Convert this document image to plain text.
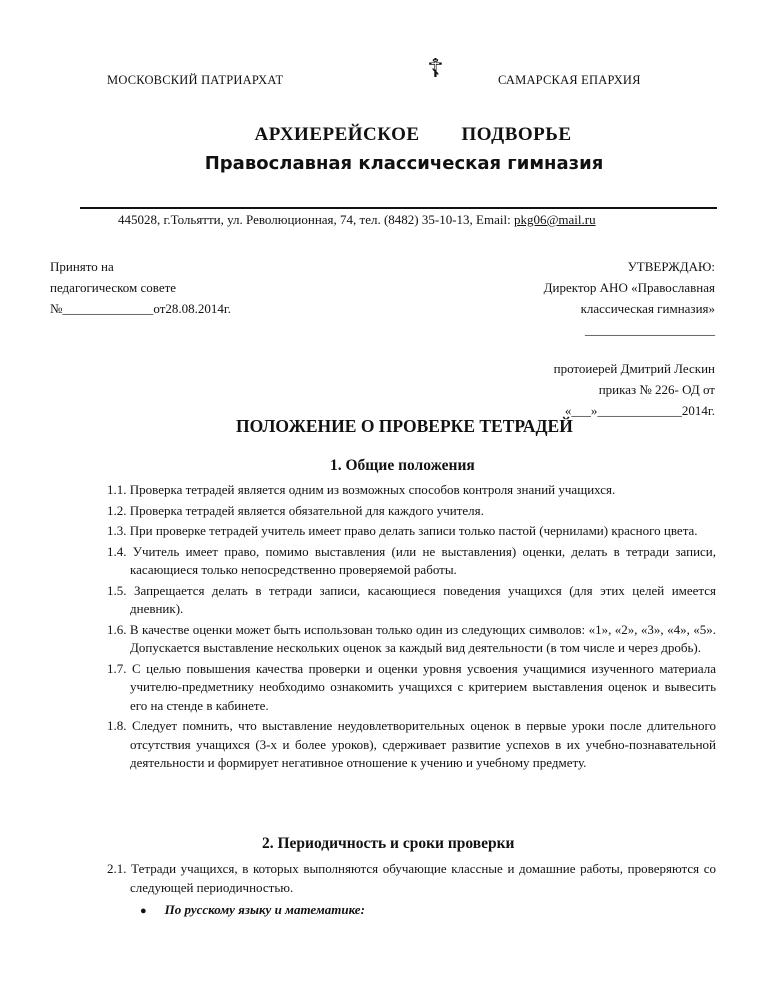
МОСКОВСКИЙ ПАТРИАРХАТ	☦	САМАРСКАЯ ЕПАРХИЯ
АРХИЕРЕЙСКОЕ        ПОДВОРЬЕ
Православная классическая гимназия
445028, г.Тольятти, ул. Революционная, 74, тел. (8482) 35-10-13, Email: pkg06@mail.ru
Принято на
педагогическом совете
№______________от28.08.2014г.
УТВЕРЖДАЮ:
Директор АНО «Православная
классическая гимназия»
____________________
протоиерей Дмитрий Лескин
приказ № 226- ОД от
«___»_____________2014г.
ПОЛОЖЕНИЕ О ПРОВЕРКЕ ТЕТРАДЕЙ
1. Общие положения
1.1. Проверка тетрадей является одним из возможных способов контроля знаний учащихся.
1.2. Проверка тетрадей является обязательной для каждого учителя.
1.3. При проверке тетрадей учитель имеет право делать записи только пастой (чернилами) красного цвета.
1.4. Учитель имеет право, помимо выставления (или не выставления) оценки, делать в тетради записи, касающиеся только непосредственно проверяемой работы.
1.5. Запрещается делать в тетради записи, касающиеся поведения учащихся (для этих целей имеется дневник).
1.6. В качестве оценки может быть использован только один из следующих символов: «1», «2», «3», «4», «5». Допускается выставление нескольких оценок за каждый вид деятельности (в том числе и через дробь).
1.7. С целью повышения качества проверки и оценки уровня усвоения учащимися изученного материала учителю-предметнику необходимо ознакомить учащихся с критерием выставления оценок и вывесить его на стенде в кабинете.
1.8. Следует помнить, что выставление неудовлетворительных оценок в первые уроки после длительного отсутствия учащихся (3-х и более уроков), сдерживает развитие успехов в их учебно-познавательной деятельности и формирует негативное отношение к учению и учебному предмету.
2. Периодичность и сроки проверки
2.1. Тетради учащихся, в которых выполняются обучающие классные и домашние работы, проверяются со следующей периодичностью.
● По русскому языку и математике:
